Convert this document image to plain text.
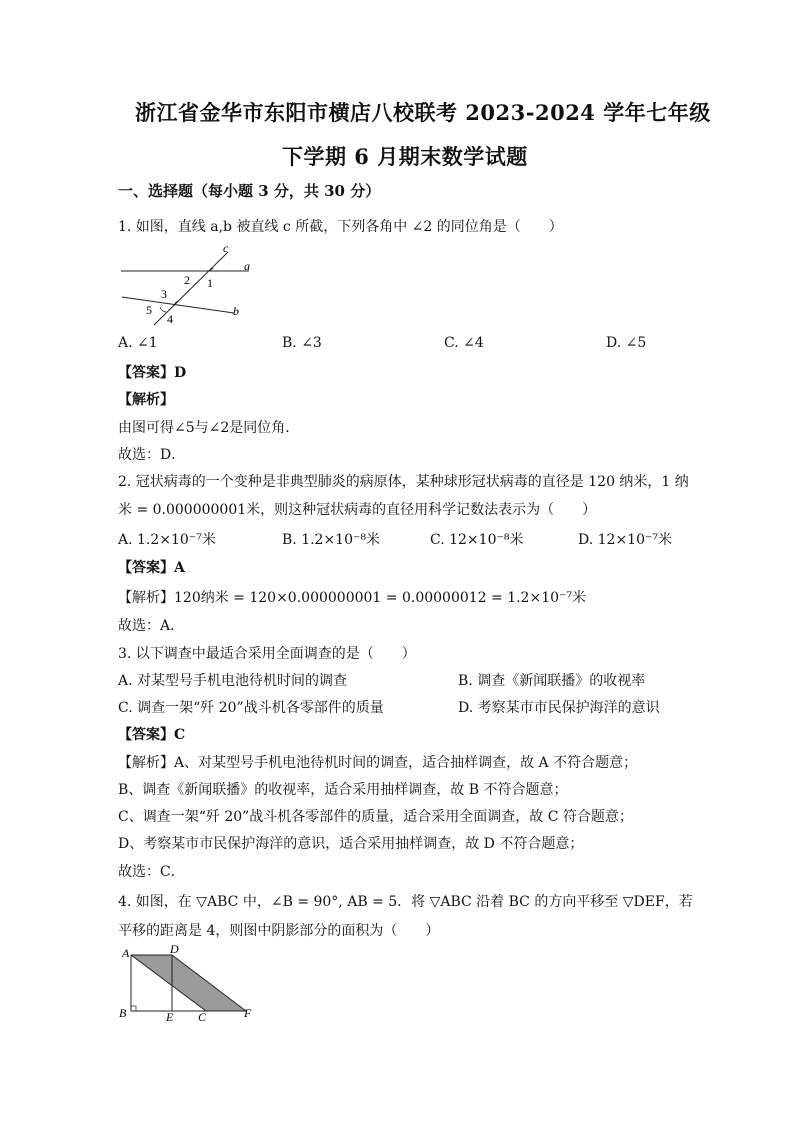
浙江省金华市东阳市横店八校联考 2023-2024 学年七年级
下学期 6 月期末数学试题
一、选择题（每小题 3 分，共 30 分）
1. 如图，直线 a,b 被直线 c 所截，下列各角中 ∠2 的同位角是（　　）
c
a
b
2 1
3
5
4
A. ∠1	B. ∠3	C. ∠4	D. ∠5
【答案】D
【解析】
由图可得∠5与∠2是同位角．
故选：D．
2. 冠状病毒的一个变种是非典型肺炎的病原体，某种球形冠状病毒的直径是 120 纳米，1 纳
米 = 0.000000001米，则这种冠状病毒的直径用科学记数法表示为（　　）
A. 1.2×10⁻⁷米	B. 1.2×10⁻⁸米	C. 12×10⁻⁸米	D. 12×10⁻⁷米
【答案】A
【解析】120纳米 = 120×0.000000001 = 0.00000012 = 1.2×10⁻⁷米
故选：A．
3. 以下调查中最适合采用全面调查的是（　　）
A. 对某型号手机电池待机时间的调查	B. 调查《新闻联播》的收视率
C. 调查一架“歼 20”战斗机各零部件的质量	D. 考察某市市民保护海洋的意识
【答案】C
【解析】A、对某型号手机电池待机时间的调查，适合抽样调查，故 A 不符合题意；
B、调查《新闻联播》的收视率，适合采用抽样调查，故 B 不符合题意；
C、调查一架“歼 20”战斗机各零部件的质量，适合采用全面调查，故 C 符合题意；
D、考察某市市民保护海洋的意识，适合采用抽样调查，故 D 不符合题意；
故选：C．
4. 如图，在 ▽ABC 中，∠B = 90°, AB = 5．将 ▽ABC 沿着 BC 的方向平移至 ▽DEF，若
平移的距离是 4，则图中阴影部分的面积为（　　）
A	D
B	E C	F
